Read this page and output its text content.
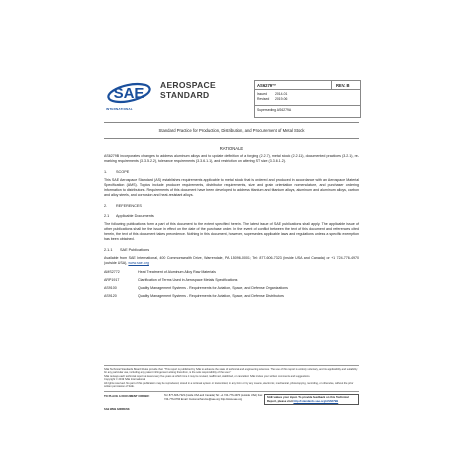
SAE
INTERNATIONAL
AEROSPACE
STANDARD
AS6279™	REV. B
Issued 2014-01
Revised 2019-06
Superseding AS6279A
Standard Practice for Production, Distribution, and Procurement of Metal Stock
RATIONALE

AS6279B incorporates changes to address aluminum alloys and to update definition of a forging (2.2.7), metal stock (2.2.11), documented practices (3.2.1), re-marking requirements (3.3.5.2.2), tolerance requirements (3.3.6.1.1), and restriction on altering ST size (3.3.6.1.2).

1. SCOPE

This SAE Aerospace Standard (AS) establishes requirements applicable to metal stock that is ordered and produced in accordance with an Aerospace Material Specification (AMS). Topics include producer requirements, distributor requirements, size and grain orientation nomenclature, and purchaser ordering information to distributors. Requirements of this document have been developed to address titanium and titanium alloys, aluminum and aluminum alloys, carbon and alloy steels, and corrosion and heat-resistant alloys.

2. REFERENCES
2.1 Applicable Documents

The following publications form a part of this document to the extent specified herein. The latest issue of SAE publications shall apply. The applicable issue of other publications shall be the issue in effect on the date of the purchase order. In the event of conflict between the text of this document and references cited herein, the text of this document takes precedence. Nothing in this document, however, supersedes applicable laws and regulations unless a specific exemption has been obtained.

2.1.1 SAE Publications

Available from SAE International, 400 Commonwealth Drive, Warrendale, PA 15096-0001; Tel: 877-606-7323 (inside USA and Canada) or +1 724-776-4970 (outside USA), www.sae.org

AMS2772	Heat Treatment of Aluminum Alloy Raw Materials
ARP1917	Clarification of Terms Used in Aerospace Metals Specifications
AS9100	Quality Management Systems - Requirements for Aviation, Space, and Defense Organizations
AS9120	Quality Management Systems - Requirements for Aviation, Space, and Defense Distributors

SAE Technical Standards Board Rules provide that: "This report is published by SAE to advance the state of technical and engineering sciences. The use of this report is entirely voluntary, and its applicability and suitability for any particular use, including any patent infringement arising therefrom, is the sole responsibility of the user."

SAE reviews each technical report at least every five years at which time it may be revised, reaffirmed, stabilized, or cancelled. SAE invites your written comments and suggestions.

Copyright © 2019 SAE International

All rights reserved. No part of this publication may be reproduced, stored in a retrieval system or transmitted, in any form or by any means, electronic, mechanical, photocopying, recording, or otherwise, without the prior written permission of SAE.

TO PLACE A DOCUMENT ORDER:	Tel: 877-606-7323 (inside USA and Canada) Tel: +1 724-776-4970 (outside USA) Fax: 724-776-0790 Email: CustomerService@sae.org http://www.sae.org	SAE values your input. To provide feedback on this Technical Report, please visit http://standards.sae.org/AS6279B
SAE WEB ADDRESS:
